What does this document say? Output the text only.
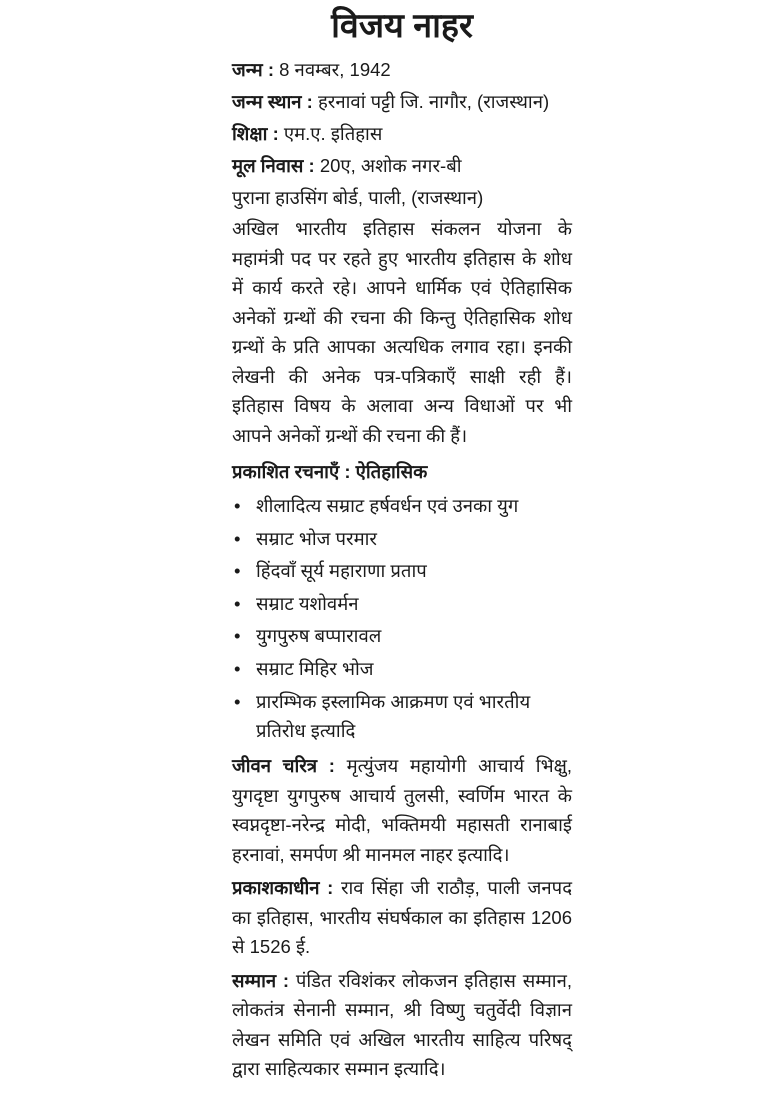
विजय नाहर
जन्म : 8 नवम्बर, 1942
जन्म स्थान : हरनावां पट्टी जि. नागौर, (राजस्थान)
शिक्षा : एम.ए. इतिहास
मूल निवास : 20ए, अशोक नगर-बी
पुराना हाउसिंग बोर्ड, पाली, (राजस्थान)

अखिल भारतीय इतिहास संकलन योजना के महामंत्री पद पर रहते हुए भारतीय इतिहास के शोध में कार्य करते रहे। आपने धार्मिक एवं ऐतिहासिक अनेकों ग्रन्थों की रचना की किन्तु ऐतिहासिक शोध ग्रन्थों के प्रति आपका अत्यधिक लगाव रहा। इनकी लेखनी की अनेक पत्र-पत्रिकाएँ साक्षी रही हैं। इतिहास विषय के अलावा अन्य विधाओं पर भी आपने अनेकों ग्रन्थों की रचना की हैं।

प्रकाशित रचनाएँ : ऐतिहासिक
• शीलादित्य सम्राट हर्षवर्धन एवं उनका युग
• सम्राट भोज परमार
• हिंदवाँ सूर्य महाराणा प्रताप
• सम्राट यशोवर्मन
• युगपुरुष बप्पारावल
• सम्राट मिहिर भोज
• प्रारम्भिक इस्लामिक आक्रमण एवं भारतीय प्रतिरोध इत्यादि

जीवन चरित्र : मृत्युंजय महायोगी आचार्य भिक्षु, युगदृष्टा युगपुरुष आचार्य तुलसी, स्वर्णिम भारत के स्वप्नदृष्टा-नरेन्द्र मोदी, भक्तिमयी महासती रानाबाई हरनावां, समर्पण श्री मानमल नाहर इत्यादि।

प्रकाशकाधीन : राव सिंहा जी राठौड़, पाली जनपद का इतिहास, भारतीय संघर्षकाल का इतिहास 1206 से 1526 ई.

सम्मान : पंडित रविशंकर लोकजन इतिहास सम्मान, लोकतंत्र सेनानी सम्मान, श्री विष्णु चतुर्वेदी विज्ञान लेखन समिति एवं अखिल भारतीय साहित्य परिषद् द्वारा साहित्यकार सम्मान इत्यादि।
